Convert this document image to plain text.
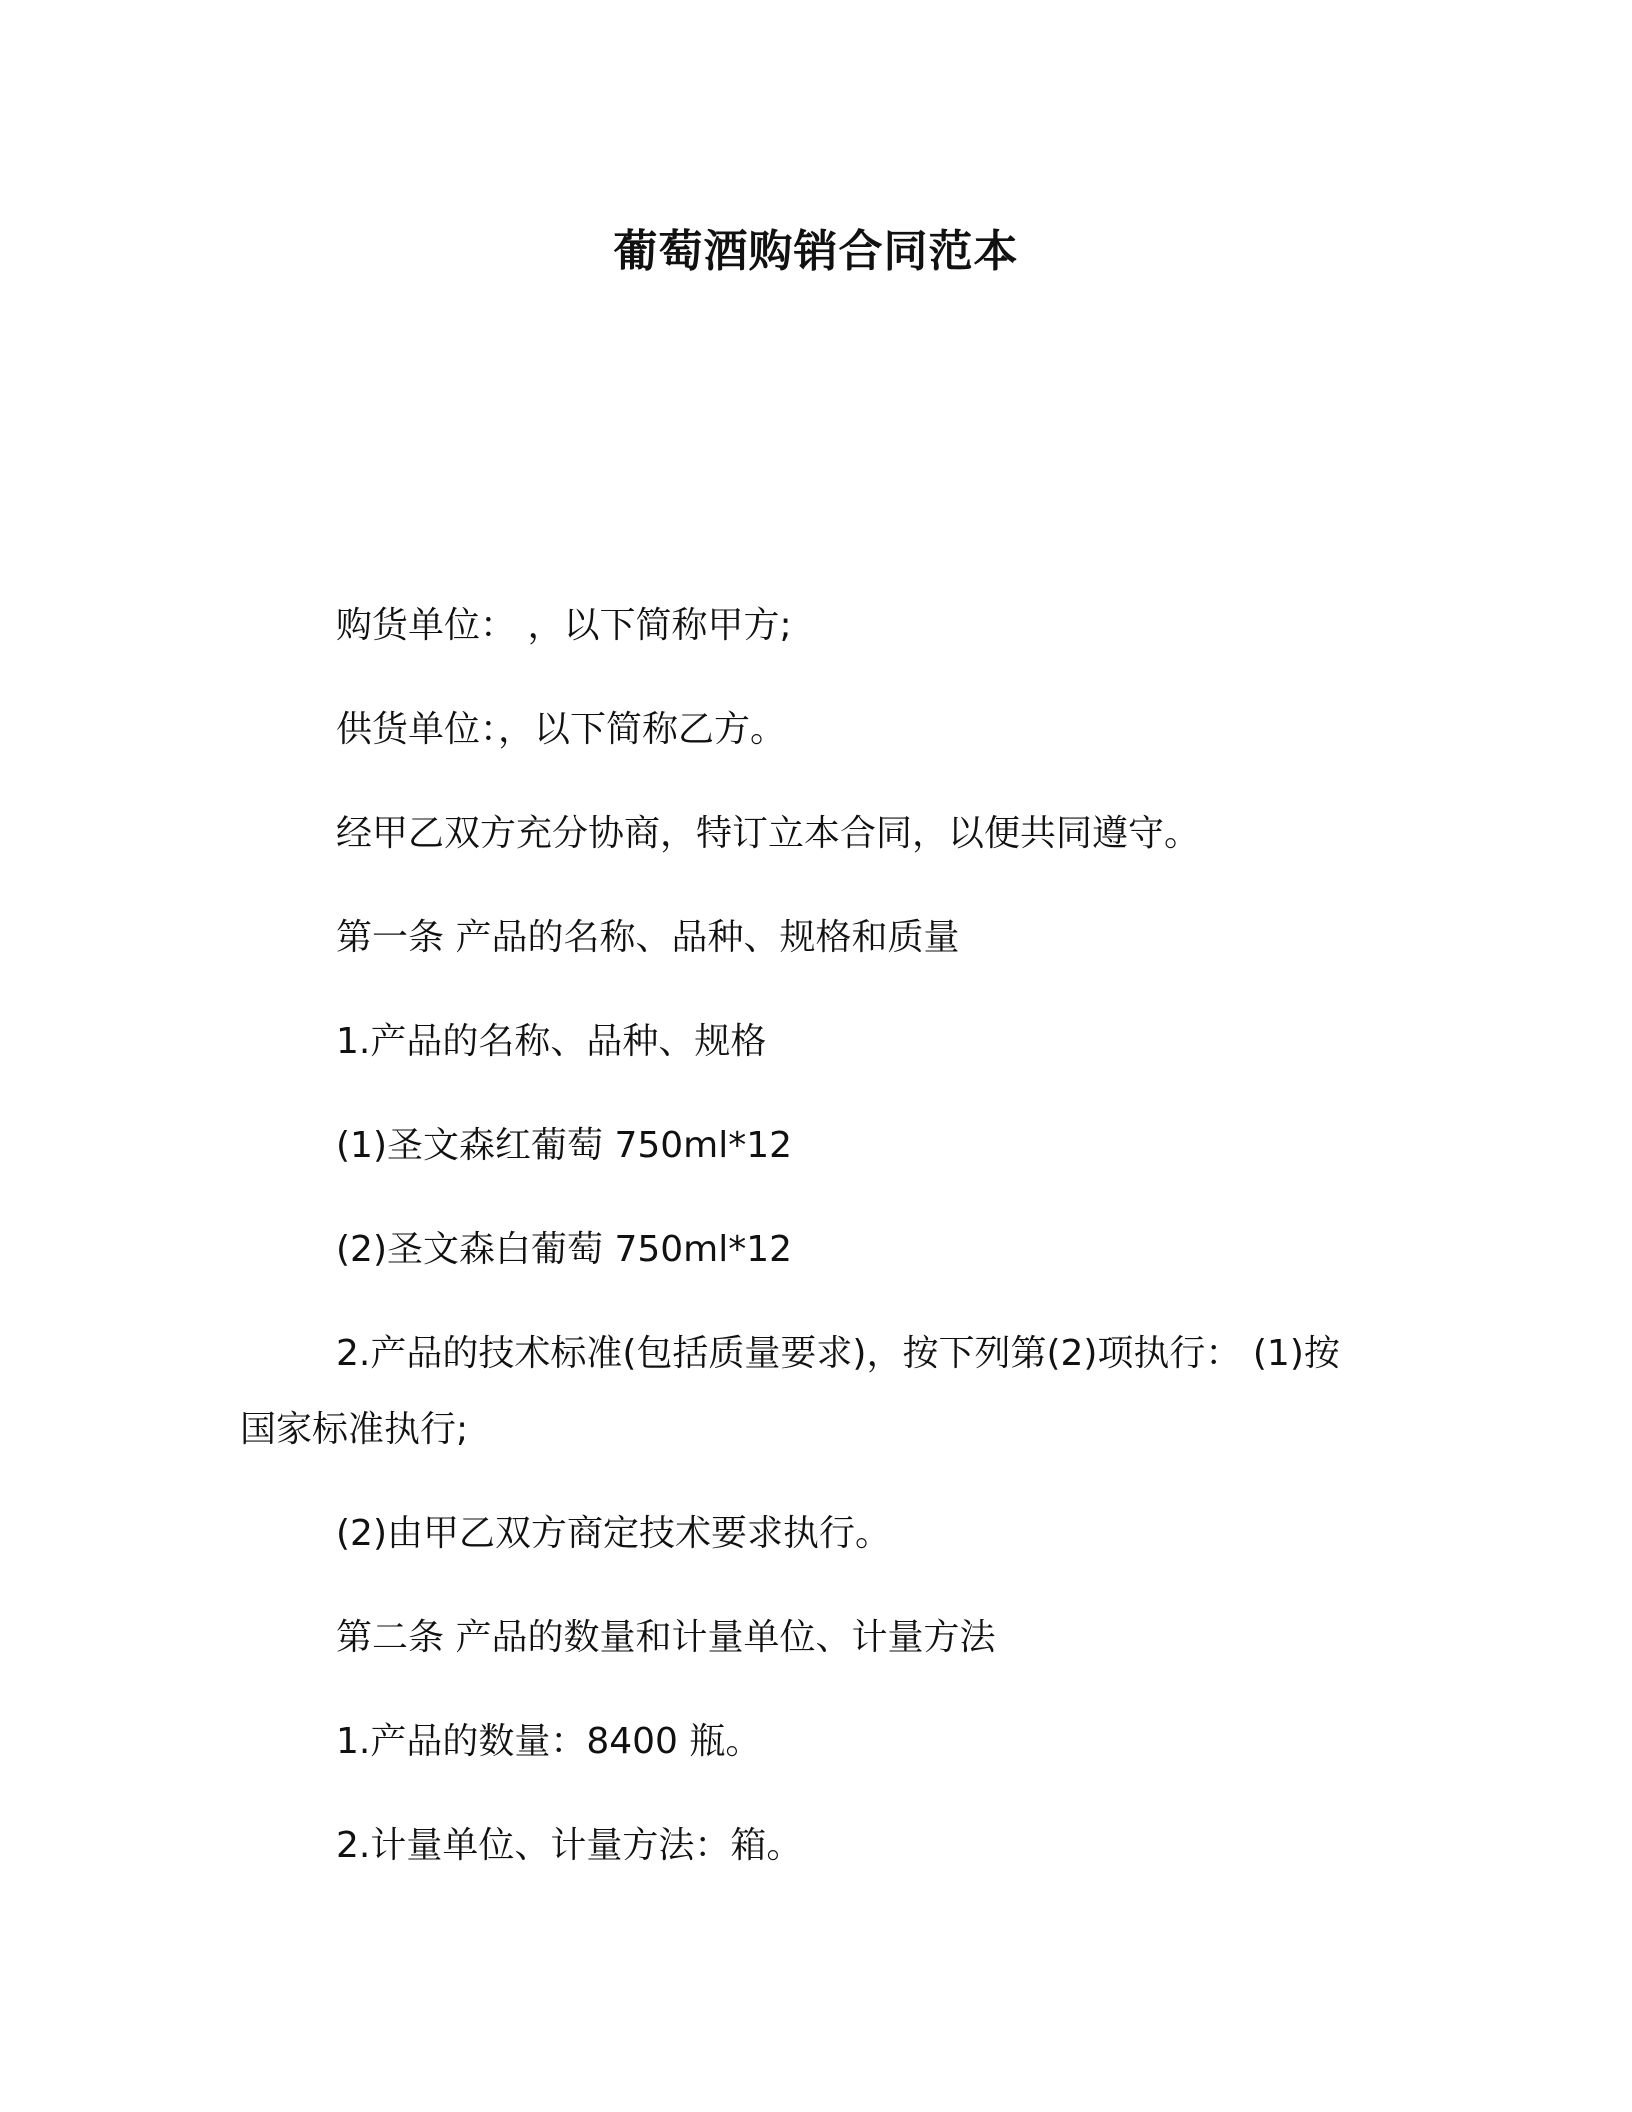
葡萄酒购销合同范本

购货单位： ，以下简称甲方;

供货单位：，以下简称乙方。

经甲乙双方充分协商，特订立本合同，以便共同遵守。

第一条 产品的名称、品种、规格和质量

1.产品的名称、品种、规格

(1)圣文森红葡萄 750ml*12

(2)圣文森白葡萄 750ml*12

2.产品的技术标准(包括质量要求)，按下列第(2)项执行： (1)按国家标准执行;

(2)由甲乙双方商定技术要求执行。

第二条 产品的数量和计量单位、计量方法

1.产品的数量：8400 瓶。

2.计量单位、计量方法：箱。
